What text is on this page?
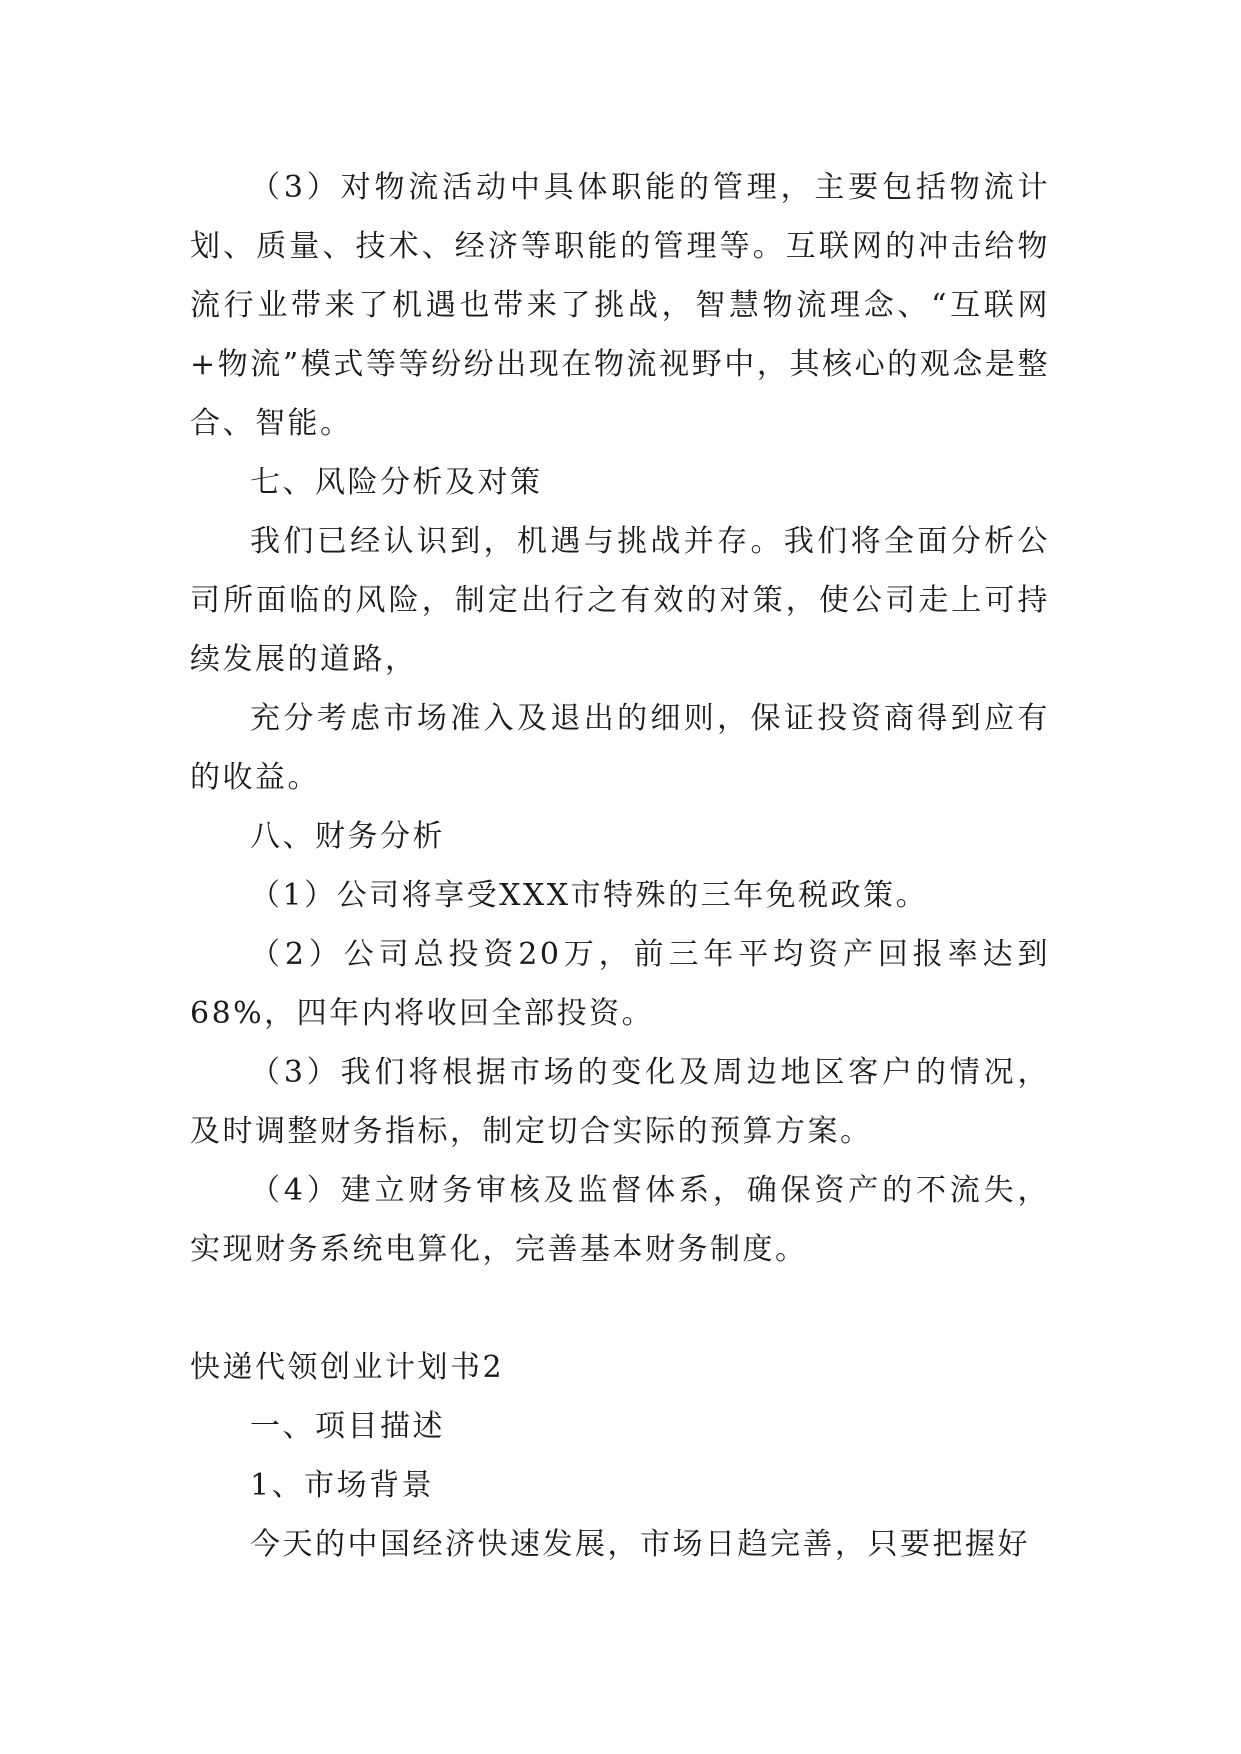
（3）对物流活动中具体职能的管理，主要包括物流计划、质量、技术、经济等职能的管理等。互联网的冲击给物流行业带来了机遇也带来了挑战，智慧物流理念、“互联网+物流”模式等等纷纷出现在物流视野中，其核心的观念是整合、智能。

七、风险分析及对策

我们已经认识到，机遇与挑战并存。我们将全面分析公司所面临的风险，制定出行之有效的对策，使公司走上可持续发展的道路，

充分考虑市场准入及退出的细则，保证投资商得到应有的收益。

八、财务分析

（1）公司将享受XXX市特殊的三年免税政策。

（2）公司总投资20万，前三年平均资产回报率达到68%，四年内将收回全部投资。

（3）我们将根据市场的变化及周边地区客户的情况，及时调整财务指标，制定切合实际的预算方案。

（4）建立财务审核及监督体系，确保资产的不流失，实现财务系统电算化，完善基本财务制度。

快递代领创业计划书2

一、项目描述

1、市场背景

今天的中国经济快速发展，市场日趋完善，只要把握好
